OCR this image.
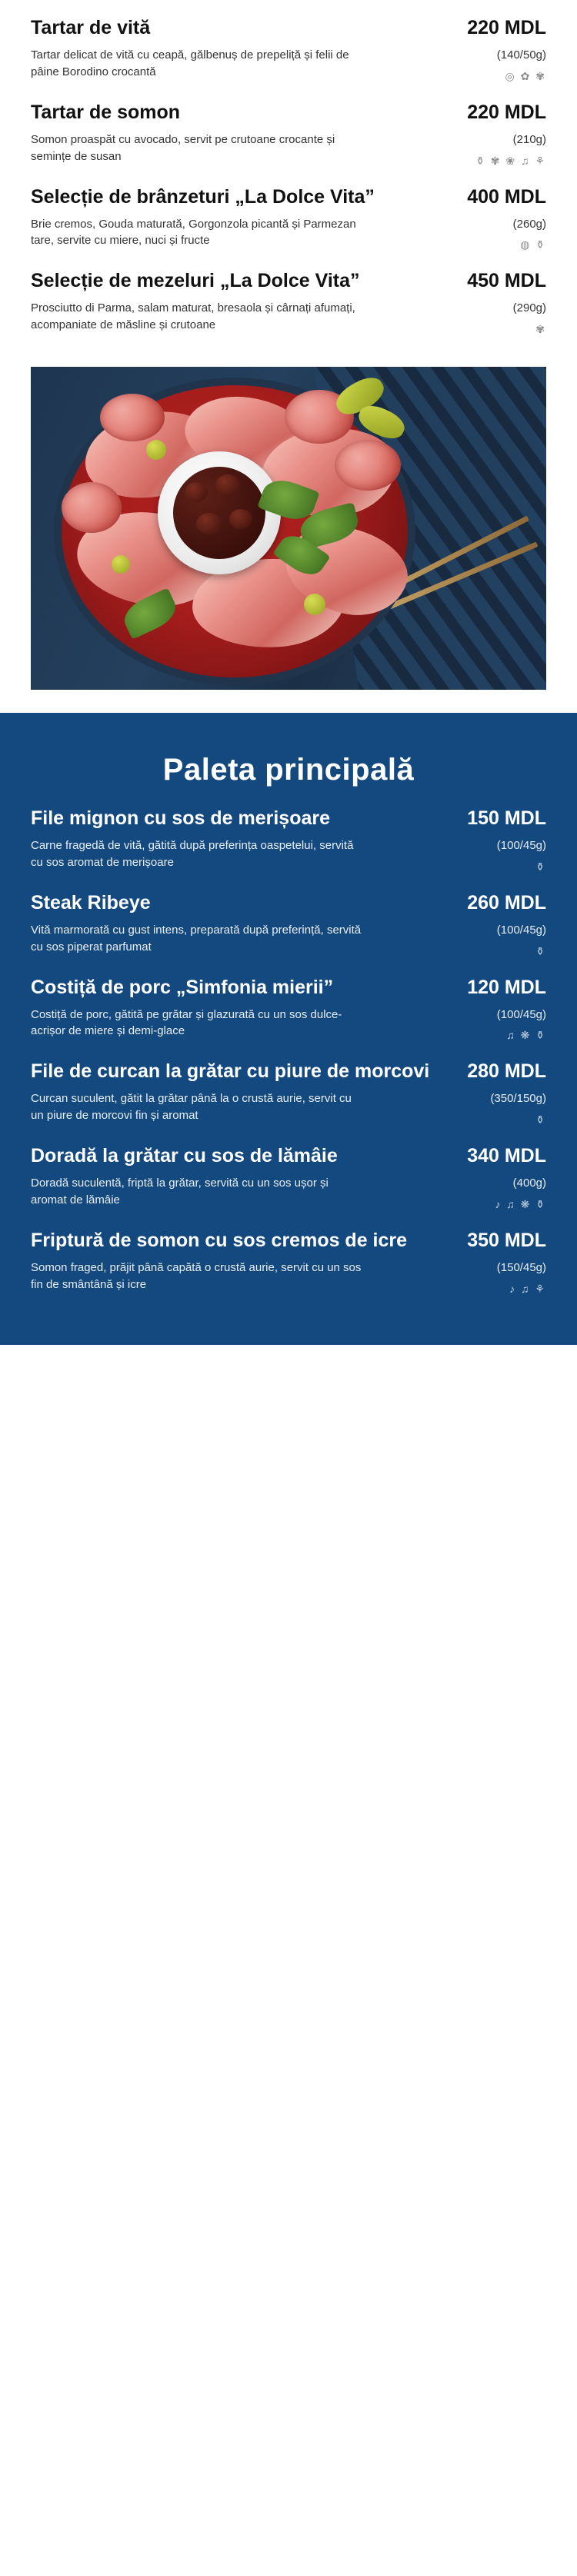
Tartar de vită	220 MDL
Tartar delicat de vită cu ceapă, gălbenuș de prepeliță și felii de pâine Borodino crocantă
(140/50g)
◎ ✿ ✾
Tartar de somon	220 MDL
Somon proaspăt cu avocado, servit pe crutoane crocante și semințe de susan
(210g)
⚱ ✾ ❀ ♫ ⚘
Selecție de brânzeturi „La Dolce Vita”	400 MDL
Brie cremos, Gouda maturată, Gorgonzola picantă și Parmezan tare, servite cu miere, nuci și fructe
(260g)
◍ ⚱
Selecție de mezeluri „La Dolce Vita”	450 MDL
Prosciutto di Parma, salam maturat, bresaola și cârnați afumați, acompaniate de măsline și crutoane
(290g)
✾
Paleta principală
File mignon cu sos de merișoare	150 MDL
Carne fragedă de vită, gătită după preferința oaspetelui, servită cu sos aromat de merișoare
(100/45g)
⚱
Steak Ribeye	260 MDL
Vită marmorată cu gust intens, preparată după preferință, servită cu sos piperat parfumat
(100/45g)
⚱
Costiță de porc „Simfonia mierii”	120 MDL
Costiță de porc, gătită pe grătar și glazurată cu un sos dulce-acrișor de miere și demi-glace
(100/45g)
♫ ❋ ⚱
File de curcan la grătar cu piure de morcovi	280 MDL
Curcan suculent, gătit la grătar până la o crustă aurie, servit cu un piure de morcovi fin și aromat
(350/150g)
⚱
Doradă la grătar cu sos de lămâie	340 MDL
Doradă suculentă, friptă la grătar, servită cu un sos ușor și aromat de lămâie
(400g)
♪ ♫ ❋ ⚱
Friptură de somon cu sos cremos de icre	350 MDL
Somon fraged, prăjit până capătă o crustă aurie, servit cu un sos fin de smântână și icre
(150/45g)
♪ ♫ ⚘
